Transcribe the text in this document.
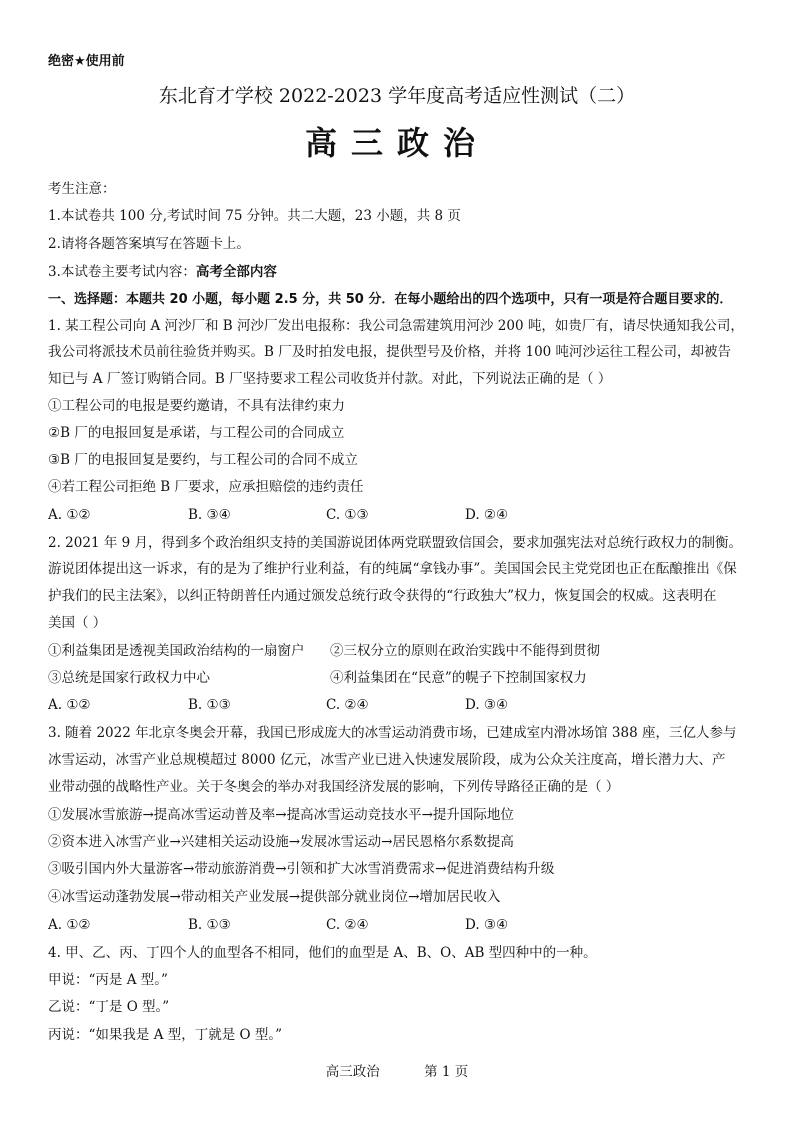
绝密★使用前
东北育才学校 2022-2023 学年度高考适应性测试（二）
高三政治
考生注意：
1.本试卷共 100 分,考试时间 75 分钟。共二大题，23 小题，共 8 页
2.请将各题答案填写在答题卡上。
3.本试卷主要考试内容：高考全部内容
一、选择题：本题共 20 小题，每小题 2.5 分，共 50 分．在每小题给出的四个选项中，只有一项是符合题目要求的．
1. 某工程公司向 A 河沙厂和 B 河沙厂发出电报称：我公司急需建筑用河沙 200 吨，如贵厂有，请尽快通知我公司，
我公司将派技术员前往验货并购买。B 厂及时拍发电报，提供型号及价格，并将 100 吨河沙运往工程公司，却被告
知已与 A 厂签订购销合同。B 厂坚持要求工程公司收货并付款。对此，下列说法正确的是（ ）
①工程公司的电报是要约邀请，不具有法律约束力
②B 厂的电报回复是承诺，与工程公司的合同成立
③B 厂的电报回复是要约，与工程公司的合同不成立
④若工程公司拒绝 B 厂要求，应承担赔偿的违约责任
A. ①②	B. ③④	C. ①③	D. ②④
2. 2021 年 9 月，得到多个政治组织支持的美国游说团体两党联盟致信国会，要求加强宪法对总统行政权力的制衡。
游说团体提出这一诉求，有的是为了维护行业利益，有的纯属“拿钱办事”。美国国会民主党党团也正在酝酿推出《保
护我们的民主法案》，以纠正特朗普任内通过颁发总统行政令获得的“行政独大”权力，恢复国会的权威。这表明在
美国（ ）
①利益集团是透视美国政治结构的一扇窗户 ②三权分立的原则在政治实践中不能得到贯彻
③总统是国家行政权力中心	④利益集团在“民意”的幌子下控制国家权力
A. ①②	B. ①③	C. ②④	D. ③④
3. 随着 2022 年北京冬奥会开幕，我国已形成庞大的冰雪运动消费市场，已建成室内滑冰场馆 388 座，三亿人参与
冰雪运动，冰雪产业总规模超过 8000 亿元，冰雪产业已进入快速发展阶段，成为公众关注度高，增长潜力大、产
业带动强的战略性产业。关于冬奥会的举办对我国经济发展的影响，下列传导路径正确的是（ ）
①发展冰雪旅游→提高冰雪运动普及率→提高冰雪运动竞技水平→提升国际地位
②资本进入冰雪产业→兴建相关运动设施→发展冰雪运动→居民恩格尔系数提高
③吸引国内外大量游客→带动旅游消费→引领和扩大冰雪消费需求→促进消费结构升级
④冰雪运动蓬勃发展→带动相关产业发展→提供部分就业岗位→增加居民收入
A. ①②	B. ①③	C. ②④	D. ③④
4. 甲、乙、丙、丁四个人的血型各不相同，他们的血型是 A、B、O、AB 型四种中的一种。
甲说：“丙是 A 型。”
乙说：“丁是 O 型。”
丙说：“如果我是 A 型，丁就是 O 型。”
高三政治	第 1 页
